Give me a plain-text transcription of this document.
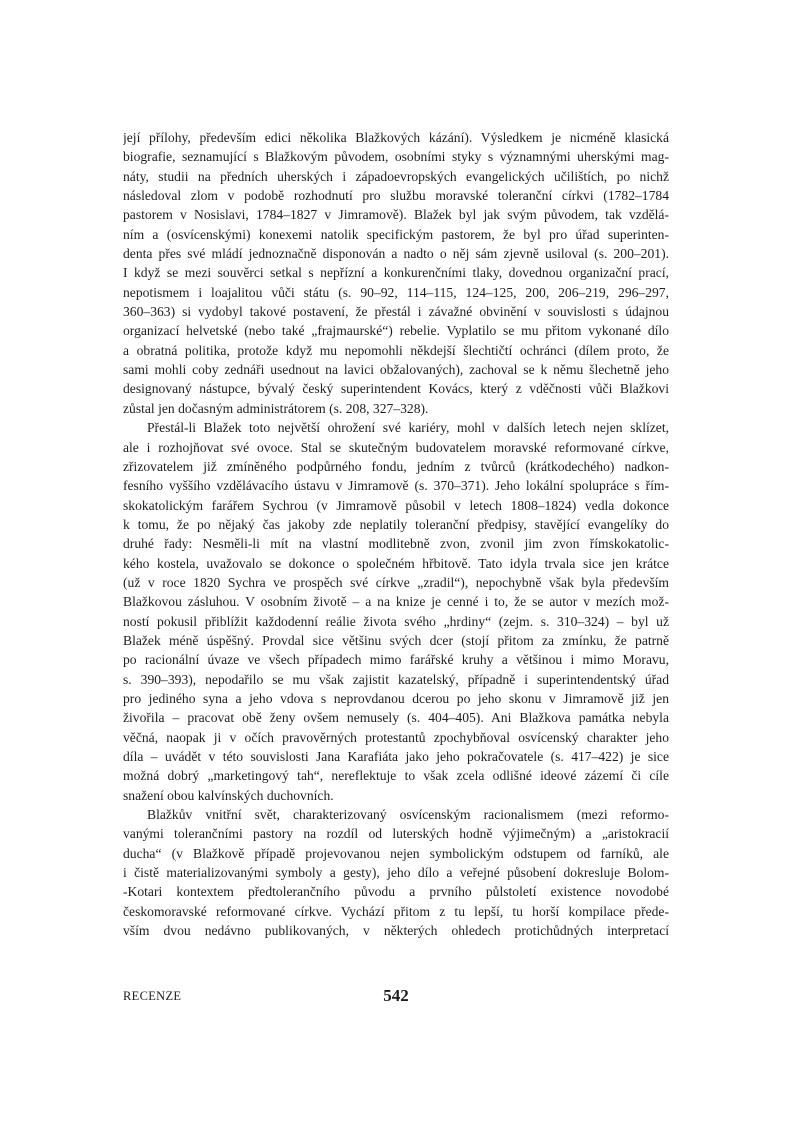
její přílohy, především edici několika Blažkových kázání). Výsledkem je nicméně klasická
biografie, seznamující s Blažkovým původem, osobními styky s významnými uherskými mag-
náty, studii na předních uherských i západoevropských evangelických učilištích, po nichž
následoval zlom v podobě rozhodnutí pro službu moravské toleranční církvi (1782–1784
pastorem v Nosislavi, 1784–1827 v Jimramově). Blažek byl jak svým původem, tak vzdělá-
ním a (osvícenskými) konexemi natolik specifickým pastorem, že byl pro úřad superinten-
denta přes své mládí jednoznačně disponován a nadto o něj sám zjevně usiloval (s. 200–201).
I když se mezi souvěrci setkal s nepřízní a konkurenčními tlaky, dovednou organizační prací,
nepotismem i loajalitou vůči státu (s. 90–92, 114–115, 124–125, 200, 206–219, 296–297,
360–363) si vydobyl takové postavení, že přestál i závažné obvinění v souvislosti s údajnou
organizací helvetské (nebo také „frajmaurské“) rebelie. Vyplatilo se mu přitom vykonané dílo
a obratná politika, protože když mu nepomohli někdejší šlechtičtí ochránci (dílem proto, že
sami mohli coby zednáři usednout na lavici obžalovaných), zachoval se k němu šlechetně jeho
designovaný nástupce, bývalý český superintendent Kovács, který z vděčnosti vůči Blažkovi
zůstal jen dočasným administrátorem (s. 208, 327–328).
Přestál-li Blažek toto největší ohrožení své kariéry, mohl v dalších letech nejen sklízet,
ale i rozhojňovat své ovoce. Stal se skutečným budovatelem moravské reformované církve,
zřizovatelem již zmíněného podpůrného fondu, jedním z tvůrců (krátkodechého) nadkon-
fesního vyššího vzdělávacího ústavu v Jimramově (s. 370–371). Jeho lokální spolupráce s řím-
skokatolickým farářem Sychrou (v Jimramově působil v letech 1808–1824) vedla dokonce
k tomu, že po nějaký čas jakoby zde neplatily toleranční předpisy, stavějící evangelíky do
druhé řady: Nesměli-li mít na vlastní modlitebně zvon, zvonil jim zvon římskokatolic-
kého kostela, uvažovalo se dokonce o společném hřbitově. Tato idyla trvala sice jen krátce
(už v roce 1820 Sychra ve prospěch své církve „zradil“), nepochybně však byla především
Blažkovou zásluhou. V osobním životě – a na knize je cenné i to, že se autor v mezích mož-
ností pokusil přiblížit každodenní reálie života svého „hrdiny“ (zejm. s. 310–324) – byl už
Blažek méně úspěšný. Provdal sice většinu svých dcer (stojí přitom za zmínku, že patrně
po racionální úvaze ve všech případech mimo farářské kruhy a většinou i mimo Moravu,
s. 390–393), nepodařilo se mu však zajistit kazatelský, případně i superintendentský úřad
pro jediného syna a jeho vdova s neprovdanou dcerou po jeho skonu v Jimramově již jen
živořila – pracovat obě ženy ovšem nemusely (s. 404–405). Ani Blažkova památka nebyla
věčná, naopak ji v očích pravověrných protestantů zpochybňoval osvícenský charakter jeho
díla – uvádět v této souvislosti Jana Karafiáta jako jeho pokračovatele (s. 417–422) je sice
možná dobrý „marketingový tah“, nereflektuje to však zcela odlišné ideové zázemí či cíle
snažení obou kalvínských duchovních.
Blažkův vnitřní svět, charakterizovaný osvícenským racionalismem (mezi reformo-
vanými tolerančními pastory na rozdíl od luterských hodně výjimečným) a „aristokracií
ducha“ (v Blažkově případě projevovanou nejen symbolickým odstupem od farníků, ale
i čistě materializovanými symboly a gesty), jeho dílo a veřejné působení dokresluje Bolom-
-Kotari kontextem předtolerančního původu a prvního půlstoletí existence novodobé
českomoravské reformované církve. Vychází přitom z tu lepší, tu horší kompilace přede-
vším dvou nedávno publikovaných, v některých ohledech protichůdných interpretací
RECENZE	542
